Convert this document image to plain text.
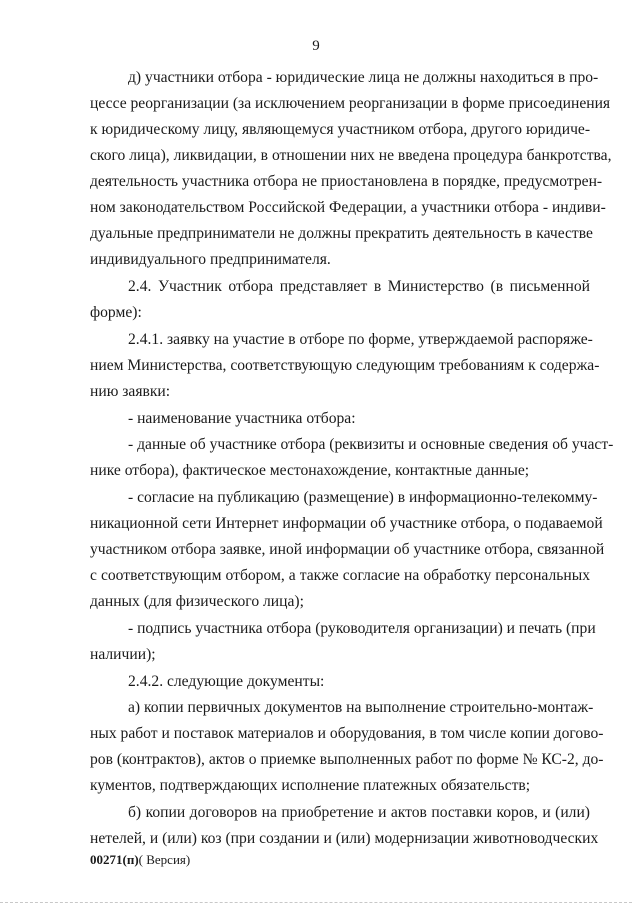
9
д) участники отбора - юридические лица не должны находиться в про-
цессе реорганизации (за исключением реорганизации в форме присоединения
к юридическому лицу, являющемуся участником отбора, другого юридиче-
ского лица), ликвидации, в отношении них не введена процедура банкротства,
деятельность участника отбора не приостановлена в порядке, предусмотрен-
ном законодательством Российской Федерации, а участники отбора - индиви-
дуальные предприниматели не должны прекратить деятельность в качестве
индивидуального предпринимателя.
2.4. Участник отбора представляет в Министерство (в письменной
форме):
2.4.1. заявку на участие в отборе по форме, утверждаемой распоряже-
нием Министерства, соответствующую следующим требованиям к содержа-
нию заявки:
- наименование участника отбора:
- данные об участнике отбора (реквизиты и основные сведения об участ-
нике отбора), фактическое местонахождение, контактные данные;
- согласие на публикацию (размещение) в информационно-телекомму-
никационной сети Интернет информации об участнике отбора, о подаваемой
участником отбора заявке, иной информации об участнике отбора, связанной
с соответствующим отбором, а также согласие на обработку персональных
данных (для физического лица);
- подпись участника отбора (руководителя организации) и печать (при
наличии);
2.4.2. следующие документы:
а) копии первичных документов на выполнение строительно-монтаж-
ных работ и поставок материалов и оборудования, в том числе копии догово-
ров (контрактов), актов о приемке выполненных работ по форме № КС-2, до-
кументов, подтверждающих исполнение платежных обязательств;
б) копии договоров на приобретение и актов поставки коров, и (или)
нетелей, и (или) коз (при создании и (или) модернизации животноводческих
00271(п)( Версия)
